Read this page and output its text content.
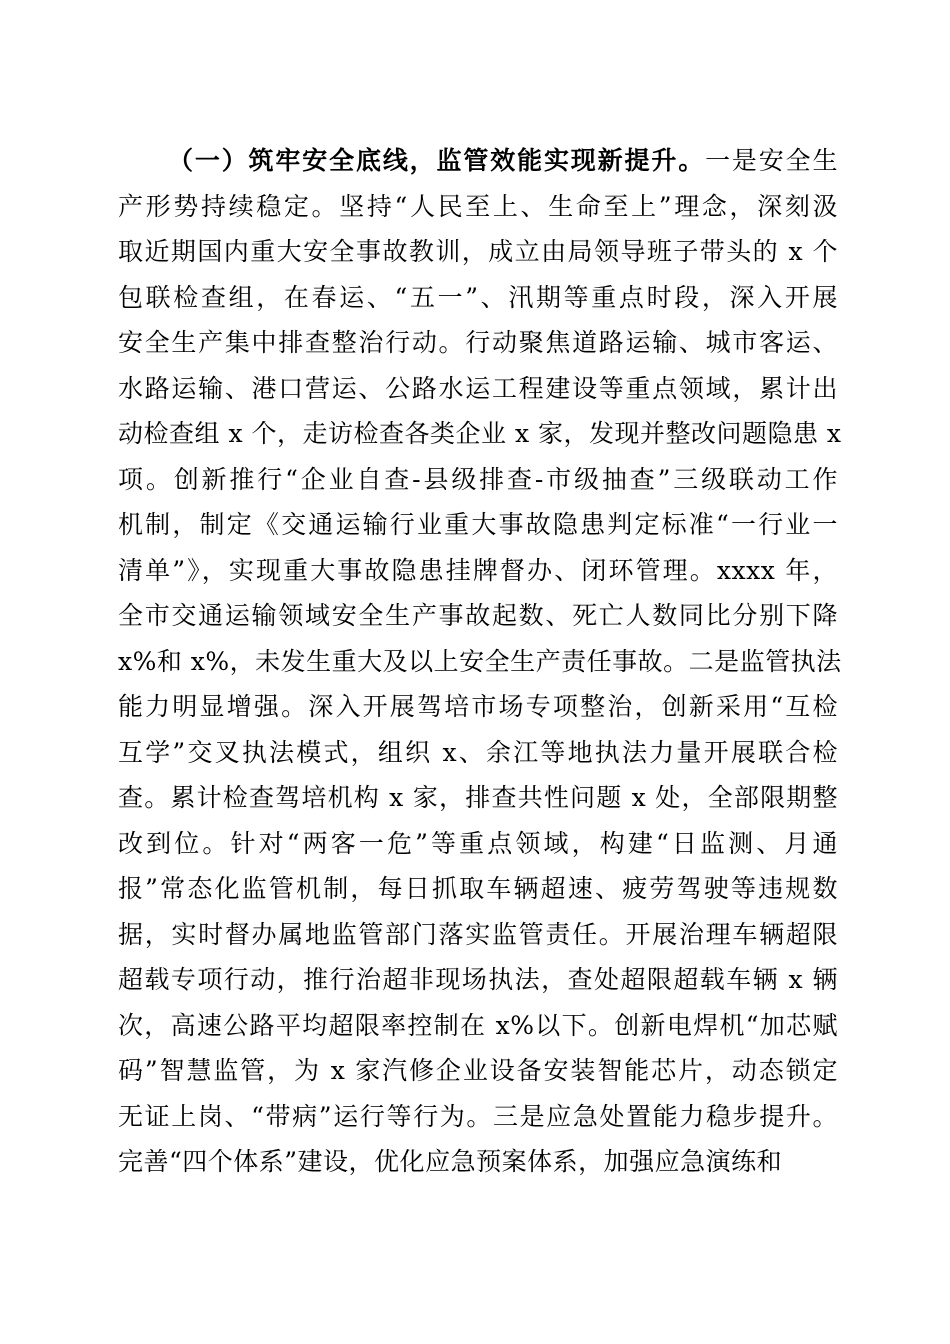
（一）筑牢安全底线，监管效能实现新提升。一是安全生
产形势持续稳定。坚持“人民至上、生命至上”理念，深刻汲
取近期国内重大安全事故教训，成立由局领导班子带头的 x 个
包联检查组，在春运、“五一”、汛期等重点时段，深入开展
安全生产集中排查整治行动。行动聚焦道路运输、城市客运、
水路运输、港口营运、公路水运工程建设等重点领域，累计出
动检查组 x 个，走访检查各类企业 x 家，发现并整改问题隐患 x
项。创新推行“企业自查-县级排查-市级抽查”三级联动工作
机制，制定《交通运输行业重大事故隐患判定标准“一行业一
清单”》，实现重大事故隐患挂牌督办、闭环管理。xxxx 年，
全市交通运输领域安全生产事故起数、死亡人数同比分别下降
x%和 x%，未发生重大及以上安全生产责任事故。二是监管执法
能力明显增强。深入开展驾培市场专项整治，创新采用“互检
互学”交叉执法模式，组织 x、余江等地执法力量开展联合检
查。累计检查驾培机构 x 家，排查共性问题 x 处，全部限期整
改到位。针对“两客一危”等重点领域，构建“日监测、月通
报”常态化监管机制，每日抓取车辆超速、疲劳驾驶等违规数
据，实时督办属地监管部门落实监管责任。开展治理车辆超限
超载专项行动，推行治超非现场执法，查处超限超载车辆 x 辆
次，高速公路平均超限率控制在 x%以下。创新电焊机“加芯赋
码”智慧监管，为 x 家汽修企业设备安装智能芯片，动态锁定
无证上岗、“带病”运行等行为。三是应急处置能力稳步提升。
完善“四个体系”建设，优化应急预案体系，加强应急演练和
